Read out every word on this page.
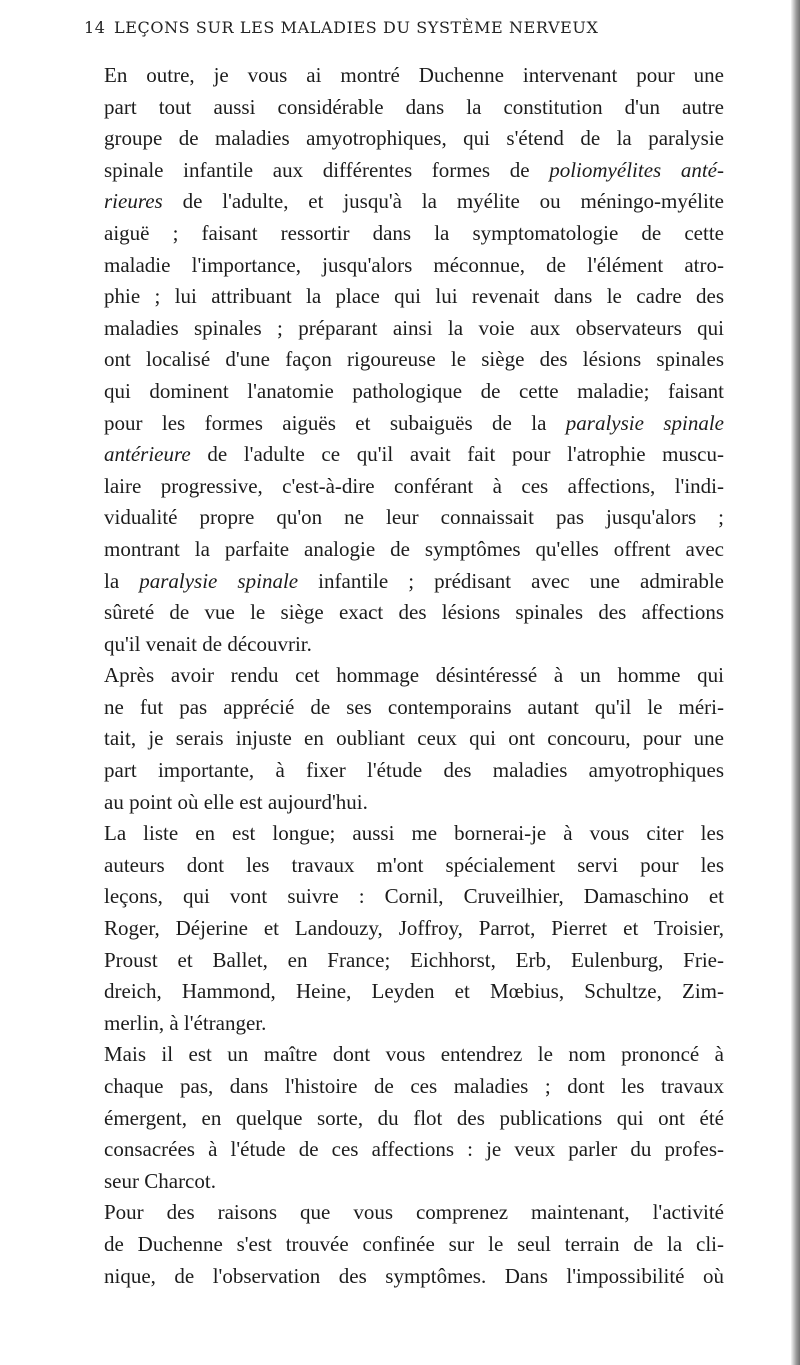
14 LEÇONS SUR LES MALADIES DU SYSTÈME NERVEUX

En outre, je vous ai montré Duchenne intervenant pour une
part tout aussi considérable dans la constitution d'un autre
groupe de maladies amyotrophiques, qui s'étend de la paralysie
spinale infantile aux différentes formes de poliomyélites anté-
rieures de l'adulte, et jusqu'à la myélite ou méningo-myélite
aiguë ; faisant ressortir dans la symptomatologie de cette
maladie l'importance, jusqu'alors méconnue, de l'élément atro-
phie ; lui attribuant la place qui lui revenait dans le cadre des
maladies spinales ; préparant ainsi la voie aux observateurs qui
ont localisé d'une façon rigoureuse le siège des lésions spinales
qui dominent l'anatomie pathologique de cette maladie; faisant
pour les formes aiguës et subaiguës de la paralysie spinale
antérieure de l'adulte ce qu'il avait fait pour l'atrophie muscu-
laire progressive, c'est-à-dire conférant à ces affections, l'indi-
vidualité propre qu'on ne leur connaissait pas jusqu'alors ;
montrant la parfaite analogie de symptômes qu'elles offrent avec
la paralysie spinale infantile ; prédisant avec une admirable
sûreté de vue le siège exact des lésions spinales des affections
qu'il venait de découvrir.

Après avoir rendu cet hommage désintéressé à un homme qui
ne fut pas apprécié de ses contemporains autant qu'il le méri-
tait, je serais injuste en oubliant ceux qui ont concouru, pour une
part importante, à fixer l'étude des maladies amyotrophiques
au point où elle est aujourd'hui.

La liste en est longue; aussi me bornerai-je à vous citer les
auteurs dont les travaux m'ont spécialement servi pour les
leçons, qui vont suivre : Cornil, Cruveilhier, Damaschino et
Roger, Déjerine et Landouzy, Joffroy, Parrot, Pierret et Troisier,
Proust et Ballet, en France; Eichhorst, Erb, Eulenburg, Frie-
dreich, Hammond, Heine, Leyden et Mœbius, Schultze, Zim-
merlin, à l'étranger.

Mais il est un maître dont vous entendrez le nom prononcé à
chaque pas, dans l'histoire de ces maladies ; dont les travaux
émergent, en quelque sorte, du flot des publications qui ont été
consacrées à l'étude de ces affections : je veux parler du profes-
seur Charcot.

Pour des raisons que vous comprenez maintenant, l'activité
de Duchenne s'est trouvée confinée sur le seul terrain de la cli-
nique, de l'observation des symptômes. Dans l'impossibilité où
